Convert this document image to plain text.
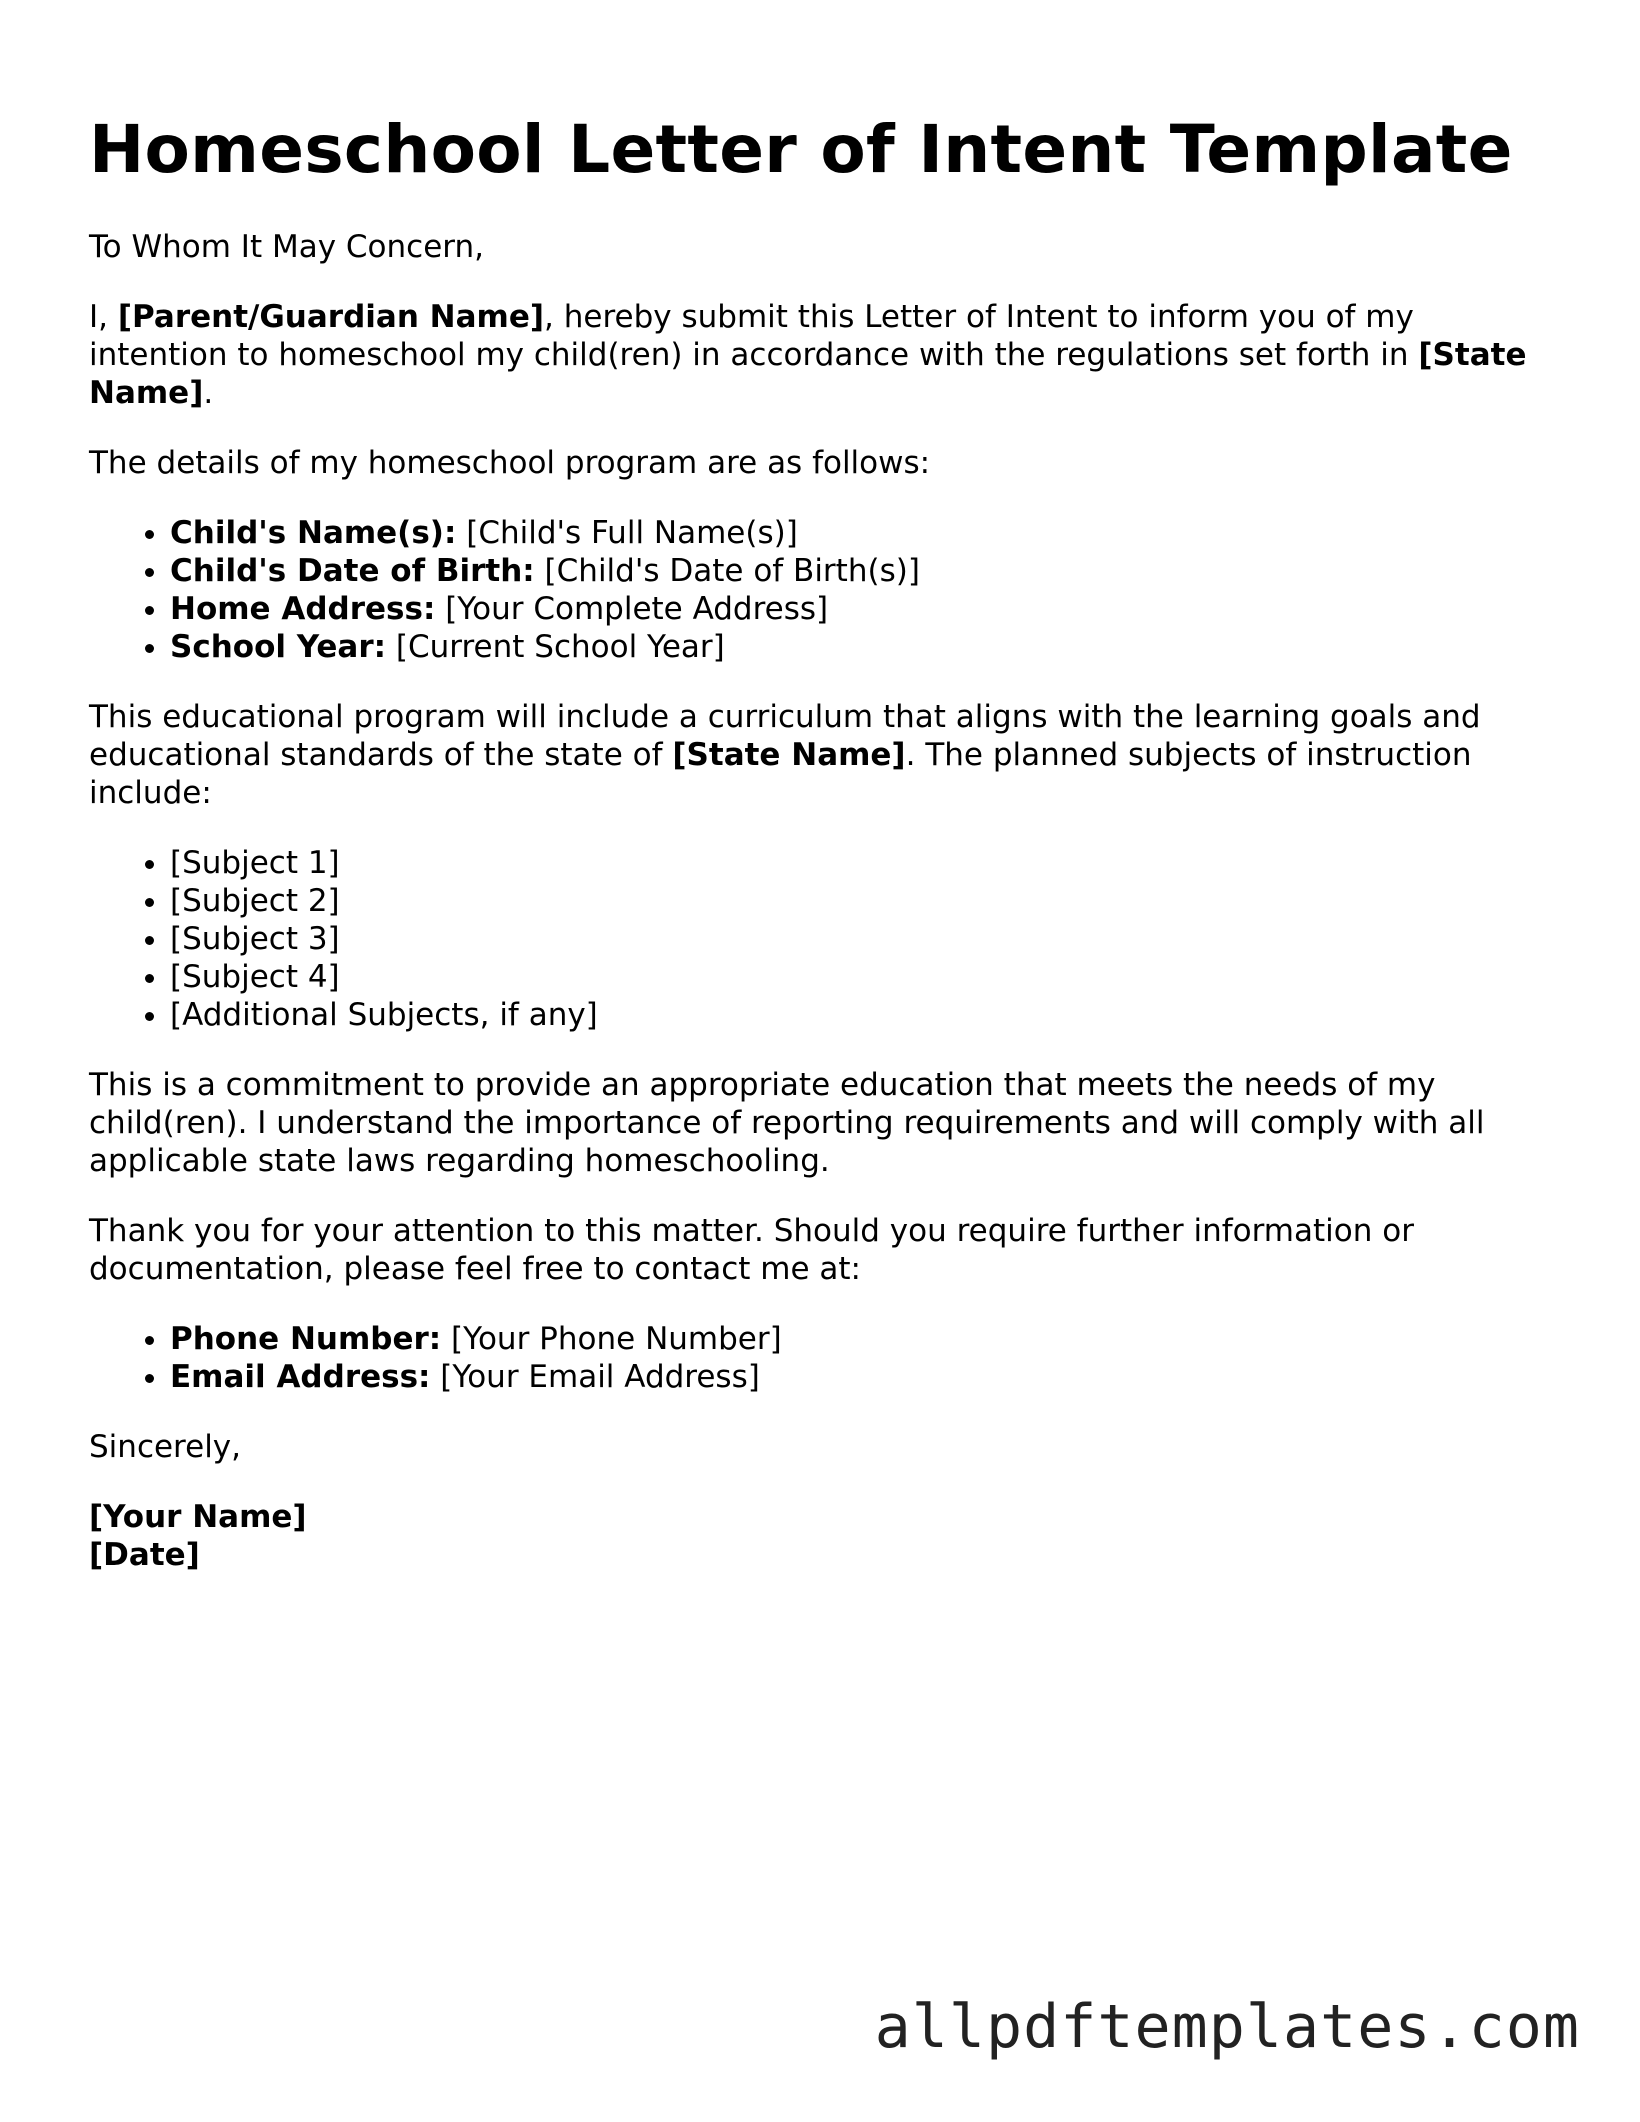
Homeschool Letter of Intent Template

To Whom It May Concern,

I, [Parent/Guardian Name], hereby submit this Letter of Intent to inform you of my intention to homeschool my child(ren) in accordance with the regulations set forth in [State Name].

The details of my homeschool program are as follows:

• Child's Name(s): [Child's Full Name(s)]
• Child's Date of Birth: [Child's Date of Birth(s)]
• Home Address: [Your Complete Address]
• School Year: [Current School Year]

This educational program will include a curriculum that aligns with the learning goals and educational standards of the state of [State Name]. The planned subjects of instruction include:

• [Subject 1]
• [Subject 2]
• [Subject 3]
• [Subject 4]
• [Additional Subjects, if any]

This is a commitment to provide an appropriate education that meets the needs of my child(ren). I understand the importance of reporting requirements and will comply with all applicable state laws regarding homeschooling.

Thank you for your attention to this matter. Should you require further information or documentation, please feel free to contact me at:

• Phone Number: [Your Phone Number]
• Email Address: [Your Email Address]

Sincerely,

[Your Name]
[Date]

allpdftemplates.com
